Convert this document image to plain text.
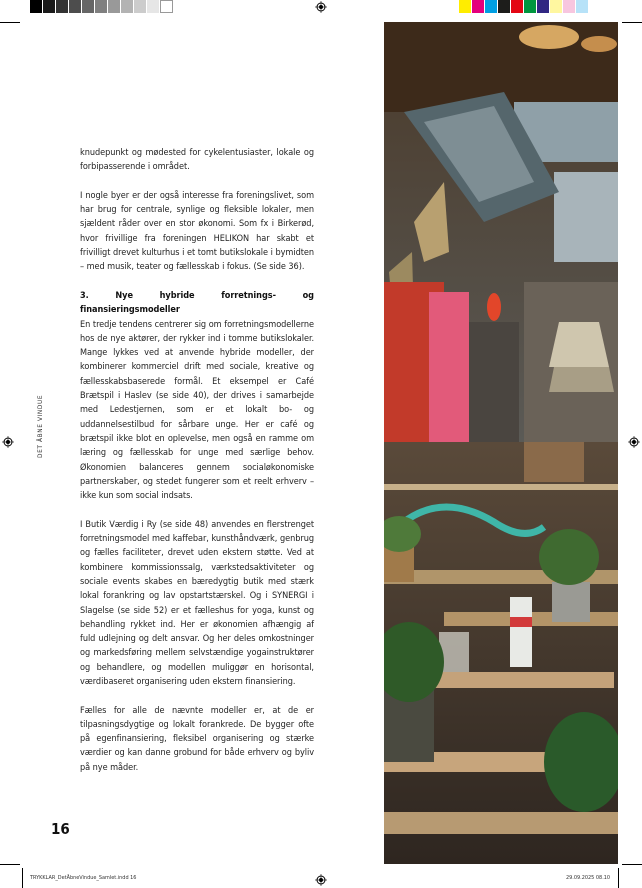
knudepunkt og mødested for cykelentusiaster, lokale og forbipasserende i området.

I nogle byer er der også interesse fra foreningslivet, som har brug for centrale, synlige og fleksible lokaler, men sjældent råder over en stor økonomi. Som fx i Birkerød, hvor frivillige fra foreningen HELIKON har skabt et frivilligt drevet kulturhus i et tomt butikslokale i bymidten – med musik, teater og fællesskab i fokus. (Se side 36).

3. Nye hybride forretnings- og finansieringsmodeller
En tredje tendens centrerer sig om forretningsmodellerne hos de nye aktører, der rykker ind i tomme butikslokaler. Mange lykkes ved at anvende hybride modeller, der kombinerer kommerciel drift med sociale, kreative og fællesskabsbaserede formål. Et eksempel er Café Brætspil i Haslev (se side 40), der drives i samarbejde med Ledestjernen, som er et lokalt bo- og uddannelsestilbud for sårbare unge. Her er café og brætspil ikke blot en oplevelse, men også en ramme om læring og fællesskab for unge med særlige behov. Økonomien balanceres gennem socialøkonomiske partnerskaber, og stedet fungerer som et reelt erhverv – ikke kun som social indsats.

I Butik Værdig i Ry (se side 48) anvendes en flerstrenget forretningsmodel med kaffebar, kunsthåndværk, genbrug og fælles faciliteter, drevet uden ekstern støtte. Ved at kombinere kommissionssalg, værkstedsaktiviteter og sociale events skabes en bæredygtig butik med stærk lokal forankring og lav opstartstærskel. Og i SYNERGI i Slagelse (se side 52) er et fælleshus for yoga, kunst og behandling rykket ind. Her er økonomien afhængig af fuld udlejning og delt ansvar. Og her deles omkostninger og markedsføring mellem selvstændige yogainstruktører og behandlere, og modellen muliggør en horisontal, værdibaseret organisering uden ekstern finansiering.

Fælles for alle de nævnte modeller er, at de er tilpasningsdygtige og lokalt forankrede. De bygger ofte på egenfinansiering, fleksibel organisering og stærke værdier og kan danne grobund for både erhverv og byliv på nye måder.

DET ÅBNE VINDUE
16
TRYKKLAR_DetÅbneVindue_Samlet.indd 16	29.09.2025 08.10
